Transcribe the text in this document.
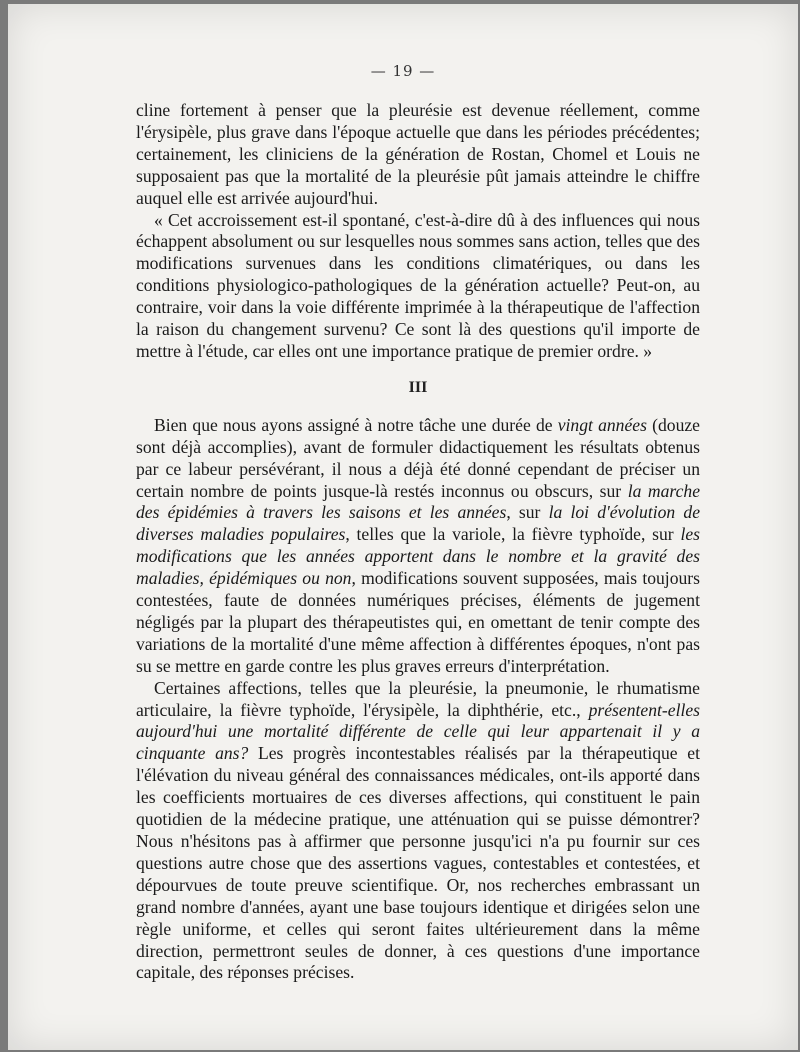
— 19 —

cline fortement à penser que la pleurésie est devenue réellement, comme l'érysipèle, plus grave dans l'époque actuelle que dans les périodes précédentes; certainement, les cliniciens de la génération de Rostan, Chomel et Louis ne supposaient pas que la mortalité de la pleurésie pût jamais atteindre le chiffre auquel elle est arrivée aujourd'hui.

« Cet accroissement est-il spontané, c'est-à-dire dû à des influences qui nous échappent absolument ou sur lesquelles nous sommes sans action, telles que des modifications survenues dans les conditions climatériques, ou dans les conditions physiologico-pathologiques de la génération actuelle? Peut-on, au contraire, voir dans la voie différente imprimée à la thérapeutique de l'affection la raison du changement survenu? Ce sont là des questions qu'il importe de mettre à l'étude, car elles ont une importance pratique de premier ordre. »

III

Bien que nous ayons assigné à notre tâche une durée de vingt années (douze sont déjà accomplies), avant de formuler didactiquement les résultats obtenus par ce labeur persévérant, il nous a déjà été donné cependant de préciser un certain nombre de points jusque-là restés inconnus ou obscurs, sur la marche des épidémies à travers les saisons et les années, sur la loi d'évolution de diverses maladies populaires, telles que la variole, la fièvre typhoïde, sur les modifications que les années apportent dans le nombre et la gravité des maladies, épidémiques ou non, modifications souvent supposées, mais toujours contestées, faute de données numériques précises, éléments de jugement négligés par la plupart des thérapeutistes qui, en omettant de tenir compte des variations de la mortalité d'une même affection à différentes époques, n'ont pas su se mettre en garde contre les plus graves erreurs d'interprétation.

Certaines affections, telles que la pleurésie, la pneumonie, le rhumatisme articulaire, la fièvre typhoïde, l'érysipèle, la diphthérie, etc., présentent-elles aujourd'hui une mortalité différente de celle qui leur appartenait il y a cinquante ans? Les progrès incontestables réalisés par la thérapeutique et l'élévation du niveau général des connaissances médicales, ont-ils apporté dans les coefficients mortuaires de ces diverses affections, qui constituent le pain quotidien de la médecine pratique, une atténuation qui se puisse démontrer? Nous n'hésitons pas à affirmer que personne jusqu'ici n'a pu fournir sur ces questions autre chose que des assertions vagues, contestables et contestées, et dépourvues de toute preuve scientifique. Or, nos recherches embrassant un grand nombre d'années, ayant une base toujours identique et dirigées selon une règle uniforme, et celles qui seront faites ultérieurement dans la même direction, permettront seules de donner, à ces questions d'une importance capitale, des réponses précises.
